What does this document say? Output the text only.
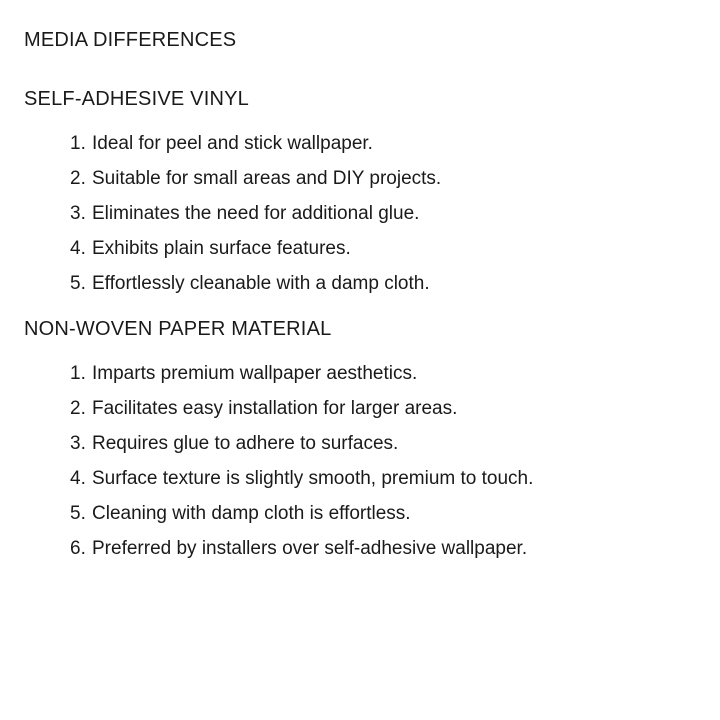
MEDIA DIFFERENCES
SELF-ADHESIVE VINYL
Ideal for peel and stick wallpaper.
Suitable for small areas and DIY projects.
Eliminates the need for additional glue.
Exhibits plain surface features.
Effortlessly cleanable with a damp cloth.
NON-WOVEN PAPER MATERIAL
Imparts premium wallpaper aesthetics.
Facilitates easy installation for larger areas.
Requires glue to adhere to surfaces.
Surface texture is slightly smooth, premium to touch.
Cleaning with damp cloth is effortless.
Preferred by installers over self-adhesive wallpaper.
